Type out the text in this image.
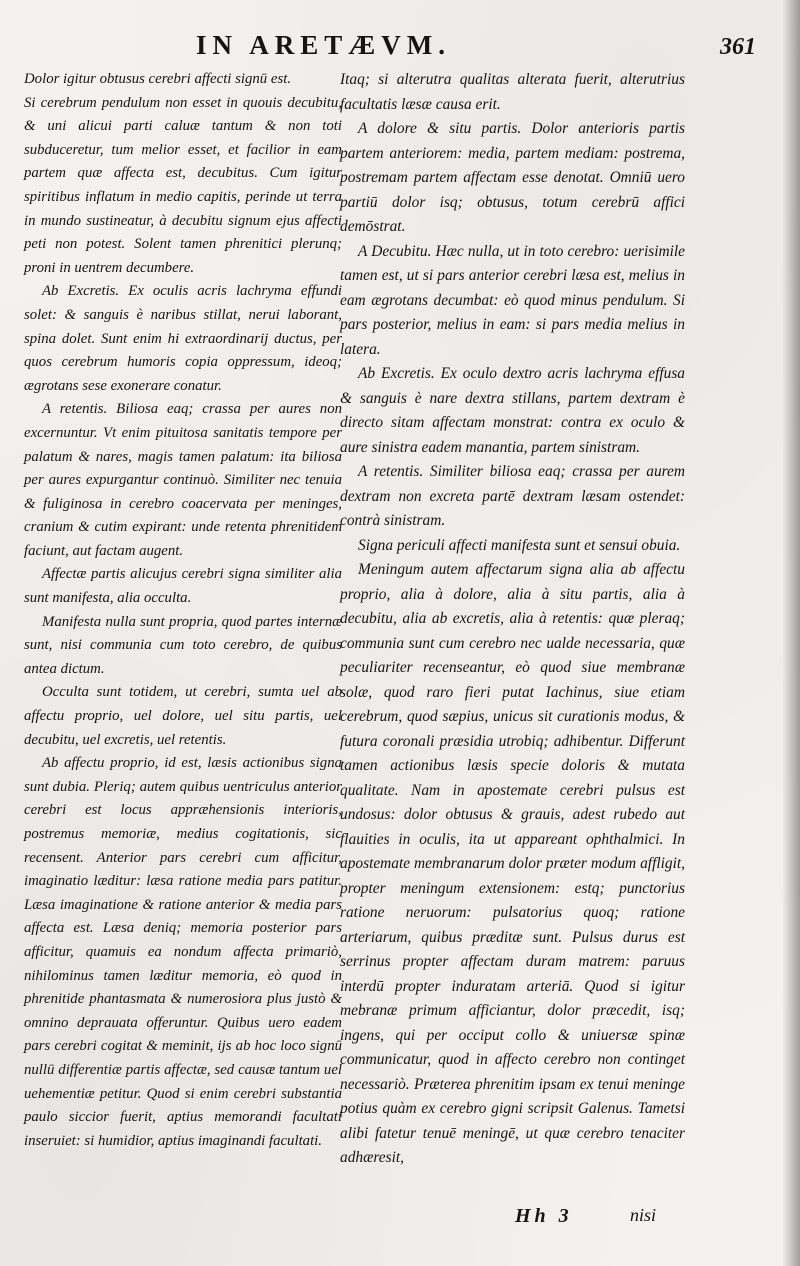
IN ARETÆVM.	361

Dolor igitur obtusus cerebri affecti signū est.

Si cerebrum pendulum non esset in quouis decubitu, & uni alicui parti caluæ tantum & non toti subduceretur, tum melior esset, et facilior in eam partem quæ affecta est, decubitus. Cum igitur spiritibus inflatum in medio capitis, perinde ut terra in mundo sustineatur, à decubitu signum ejus affecti peti non potest. Solent tamen phrenitici plerunq; proni in uentrem decumbere.

Ab Excretis. Ex oculis acris lachryma effundi solet: & sanguis è naribus stillat, nerui laborant, spina dolet. Sunt enim hi extraordinarij ductus, per quos cerebrum humoris copia oppressum, ideoq; ægrotans sese exonerare conatur.

A retentis. Biliosa eaq; crassa per aures non excernuntur. Vt enim pituitosa sanitatis tempore per palatum & nares, magis tamen palatum: ita biliosa per aures expurgantur continuò. Similiter nec tenuia & fuliginosa in cerebro coacervata per meninges, cranium & cutim expirant: unde retenta phrenitidem faciunt, aut factam augent.

Affectæ partis alicujus cerebri signa similiter alia sunt manifesta, alia occulta.

Manifesta nulla sunt propria, quod partes internæ sunt, nisi communia cum toto cerebro, de quibus antea dictum.

Occulta sunt totidem, ut cerebri, sumta uel ab affectu proprio, uel dolore, uel situ partis, uel decubitu, uel excretis, uel retentis.

Ab affectu proprio, id est, læsis actionibus signa sunt dubia. Pleriq; autem quibus uentriculus anterior cerebri est locus appræhensionis interioris, postremus memoriæ, medius cogitationis, sic recensent. Anterior pars cerebri cum afficitur, imaginatio læditur: læsa ratione media pars patitur. Læsa imaginatione & ratione anterior & media pars affecta est. Læsa deniq; memoria posterior pars afficitur, quamuis ea nondum affecta primariò, nihilominus tamen læditur memoria, eò quod in phrenitide phantasmata & numerosiora plus justò & omnino deprauata offeruntur. Quibus uero eadem pars cerebri cogitat & meminit, ijs ab hoc loco signū nullū differentiæ partis affectæ, sed causæ tantum uel uehementiæ petitur. Quod si enim cerebri substantia paulo siccior fuerit, aptius memorandi facultati inseruiet: si humidior, aptius imaginandi facultati.

Itaq; si alterutra qualitas alterata fuerit, alterutrius facultatis læsæ causa erit.

A dolore & situ partis. Dolor anterioris partis partem anteriorem: media, partem mediam: postrema, postremam partem affectam esse denotat. Omniū uero partiū dolor isq; obtusus, totum cerebrū affici demōstrat.

A Decubitu. Hæc nulla, ut in toto cerebro: uerisimile tamen est, ut si pars anterior cerebri læsa est, melius in eam ægrotans decumbat: eò quod minus pendulum. Si pars posterior, melius in eam: si pars media melius in latera.

Ab Excretis. Ex oculo dextro acris lachryma effusa & sanguis è nare dextra stillans, partem dextram è directo sitam affectam monstrat: contra ex oculo & aure sinistra eadem manantia, partem sinistram.

A retentis. Similiter biliosa eaq; crassa per aurem dextram non excreta partē dextram læsam ostendet: contrà sinistram.

Signa periculi affecti manifesta sunt et sensui obuia.

Meningum autem affectarum signa alia ab affectu proprio, alia à dolore, alia à situ partis, alia à decubitu, alia ab excretis, alia à retentis: quæ pleraq; communia sunt cum cerebro nec ualde necessaria, quæ peculiariter recenseantur, eò quod siue membranæ solæ, quod raro fieri putat Iachinus, siue etiam cerebrum, quod sæpius, unicus sit curationis modus, & futura coronali præsidia utrobiq; adhibentur. Differunt tamen actionibus læsis specie doloris & mutata qualitate. Nam in apostemate cerebri pulsus est undosus: dolor obtusus & grauis, adest rubedo aut flauities in oculis, ita ut appareant ophthalmici. In apostemate membranarum dolor præter modum affligit, propter meningum extensionem: estq; punctorius ratione neruorum: pulsatorius quoq; ratione arteriarum, quibus præditæ sunt. Pulsus durus est serrinus propter affectam duram matrem: paruus interdū propter induratam arteriā. Quod si igitur mebranæ primum afficiantur, dolor præcedit, isq; ingens, qui per occiput collo & uniuersæ spinæ communicatur, quod in affecto cerebro non continget necessariò. Præterea phrenitim ipsam ex tenui meninge potius quàm ex cerebro gigni scripsit Galenus. Tametsi alibi fatetur tenuē meningē, ut quæ cerebro tenaciter adhæresit,

Hh 3	nisi
